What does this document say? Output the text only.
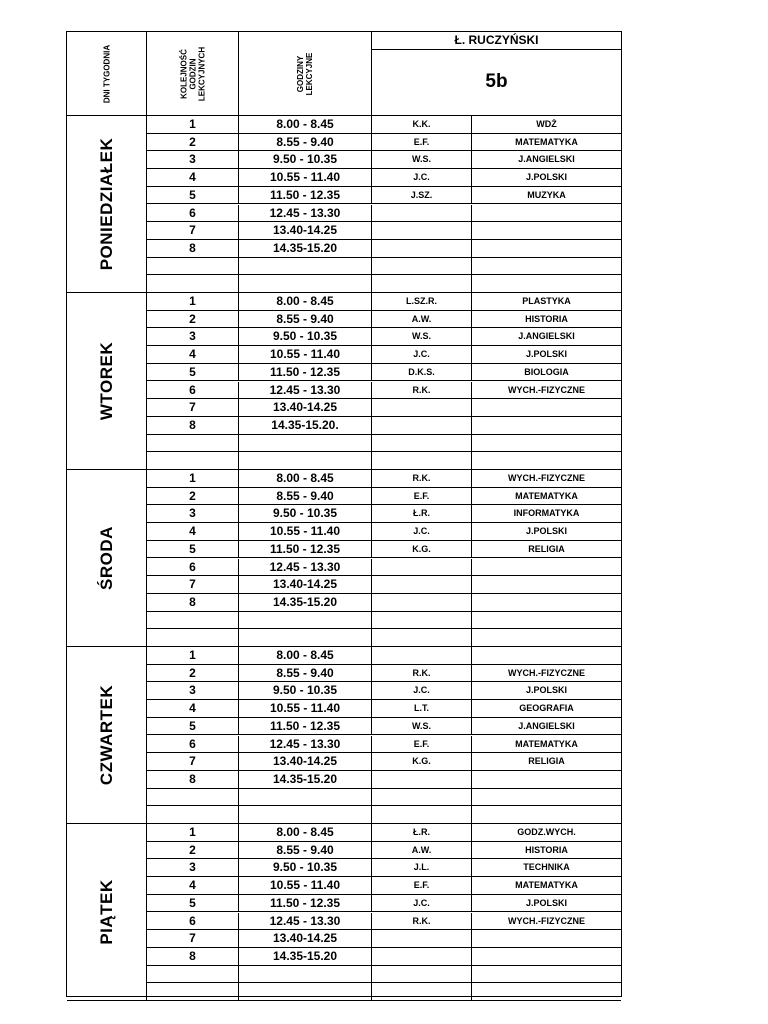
DNI TYGODNIA	KOLEJNOŚĆ GODZIN LEKCYJNYCH	GODZINY LEKCYJNE
Ł. RUCZYŃSKI
5b
PONIEDZIAŁEK
1	8.00 - 8.45	K.K.	WDŻ
2	8.55 - 9.40	E.F.	MATEMATYKA
3	9.50 - 10.35	W.S.	J.ANGIELSKI
4	10.55 - 11.40	J.C.	J.POLSKI
5	11.50 - 12.35	J.SZ.	MUZYKA
6	12.45 - 13.30
7	13.40-14.25
8	14.35-15.20
WTOREK
1	8.00 - 8.45	L.SZ.R.	PLASTYKA
2	8.55 - 9.40	A.W.	HISTORIA
3	9.50 - 10.35	W.S.	J.ANGIELSKI
4	10.55 - 11.40	J.C.	J.POLSKI
5	11.50 - 12.35	D.K.S.	BIOLOGIA
6	12.45 - 13.30	R.K.	WYCH.-FIZYCZNE
7	13.40-14.25
8	14.35-15.20.
ŚRODA
1	8.00 - 8.45	R.K.	WYCH.-FIZYCZNE
2	8.55 - 9.40	E.F.	MATEMATYKA
3	9.50 - 10.35	Ł.R.	INFORMATYKA
4	10.55 - 11.40	J.C.	J.POLSKI
5	11.50 - 12.35	K.G.	RELIGIA
6	12.45 - 13.30
7	13.40-14.25
8	14.35-15.20
CZWARTEK
1	8.00 - 8.45
2	8.55 - 9.40	R.K.	WYCH.-FIZYCZNE
3	9.50 - 10.35	J.C.	J.POLSKI
4	10.55 - 11.40	L.T.	GEOGRAFIA
5	11.50 - 12.35	W.S.	J.ANGIELSKI
6	12.45 - 13.30	E.F.	MATEMATYKA
7	13.40-14.25	K.G.	RELIGIA
8	14.35-15.20
PIĄTEK
1	8.00 - 8.45	Ł.R.	GODZ.WYCH.
2	8.55 - 9.40	A.W.	HISTORIA
3	9.50 - 10.35	J.L.	TECHNIKA
4	10.55 - 11.40	E.F.	MATEMATYKA
5	11.50 - 12.35	J.C.	J.POLSKI
6	12.45 - 13.30	R.K.	WYCH.-FIZYCZNE
7	13.40-14.25
8	14.35-15.20
